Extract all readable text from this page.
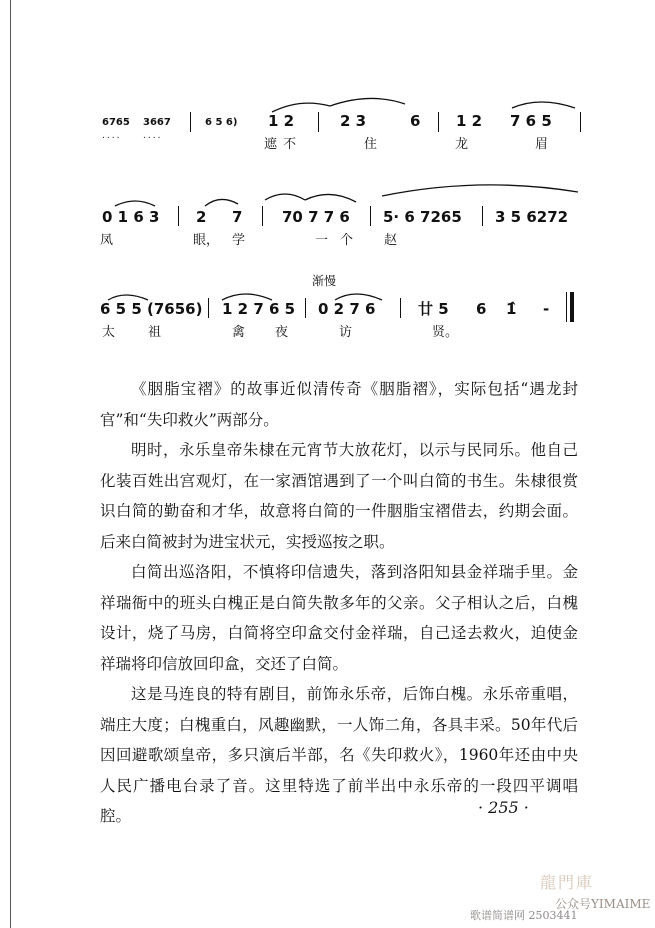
6765 3667	6 5 6)
.... ....
1 2	2 3	6 1 2 7 6 5
遮 不	住	龙	眉
0 1 6 3 2 7	70 7 7 6 5· 6 7265 3 5 6272
凤	眼， 学	一 个 赵
渐慢
6 5 5 (7656) 1 2 7 6 5 0 2 7 6	廿 5 6 1̂ -
太	祖	禽 夜	访	贤。

《胭脂宝褶》的故事近似清传奇《胭脂褶》，实际包括“遇龙封官”和“失印救火”两部分。

明时，永乐皇帝朱棣在元宵节大放花灯，以示与民同乐。他自己化装百姓出宫观灯，在一家酒馆遇到了一个叫白简的书生。朱棣很赏识白简的勤奋和才华，故意将白简的一件胭脂宝褶借去，约期会面。后来白简被封为进宝状元，实授巡按之职。

白简出巡洛阳，不慎将印信遗失，落到洛阳知县金祥瑞手里。金祥瑞衙中的班头白槐正是白简失散多年的父亲。父子相认之后，白槐设计，烧了马房，白简将空印盒交付金祥瑞，自己迳去救火，迫使金祥瑞将印信放回印盒，交还了白简。

这是马连良的特有剧目，前饰永乐帝，后饰白槐。永乐帝重唱，端庄大度；白槐重白，风趣幽默，一人饰二角，各具丰采。50年代后因回避歌颂皇帝，多只演后半部，名《失印救火》，1960年还由中央人民广播电台录了音。这里特选了前半出中永乐帝的一段四平调唱腔。	· 255 ·
龍門庫
公众号YIMAIME
歌谱简谱网 2503441
